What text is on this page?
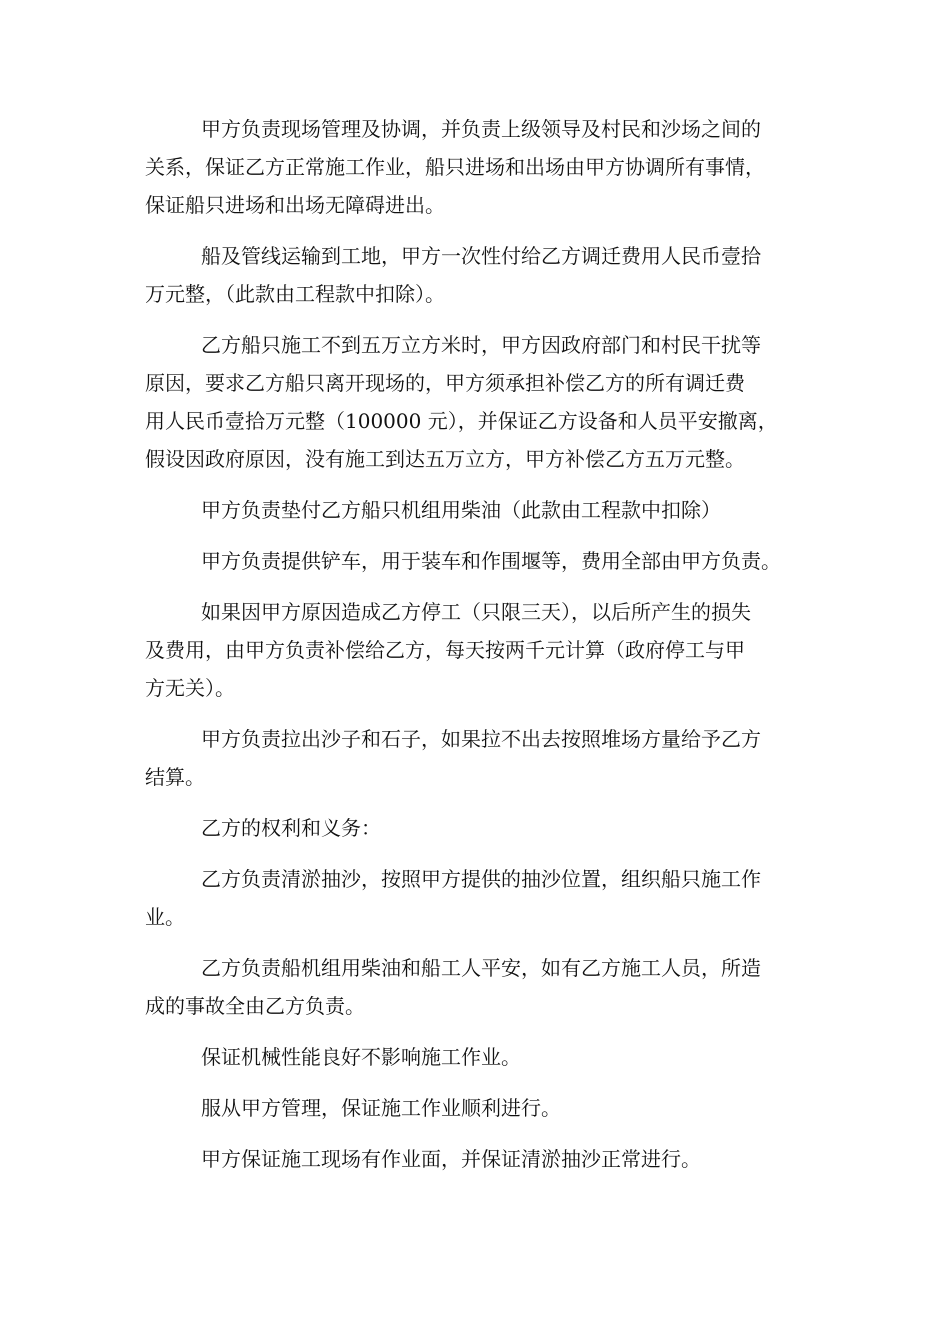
甲方负责现场管理及协调，并负责上级领导及村民和沙场之间的
关系，保证乙方正常施工作业，船只进场和出场由甲方协调所有事情，
保证船只进场和出场无障碍进出。
船及管线运输到工地，甲方一次性付给乙方调迁费用人民币壹拾
万元整，（此款由工程款中扣除）。
乙方船只施工不到五万立方米时，甲方因政府部门和村民干扰等
原因，要求乙方船只离开现场的，甲方须承担补偿乙方的所有调迁费
用人民币壹拾万元整（100000 元），并保证乙方设备和人员平安撤离，
假设因政府原因，没有施工到达五万立方，甲方补偿乙方五万元整。
甲方负责垫付乙方船只机组用柴油（此款由工程款中扣除）
甲方负责提供铲车，用于装车和作围堰等，费用全部由甲方负责。
如果因甲方原因造成乙方停工（只限三天），以后所产生的损失
及费用，由甲方负责补偿给乙方，每天按两千元计算（政府停工与甲
方无关）。
甲方负责拉出沙子和石子，如果拉不出去按照堆场方量给予乙方
结算。
乙方的权利和义务：
乙方负责清淤抽沙，按照甲方提供的抽沙位置，组织船只施工作
业。
乙方负责船机组用柴油和船工人平安，如有乙方施工人员，所造
成的事故全由乙方负责。
保证机械性能良好不影响施工作业。
服从甲方管理，保证施工作业顺利进行。
甲方保证施工现场有作业面，并保证清淤抽沙正常进行。
